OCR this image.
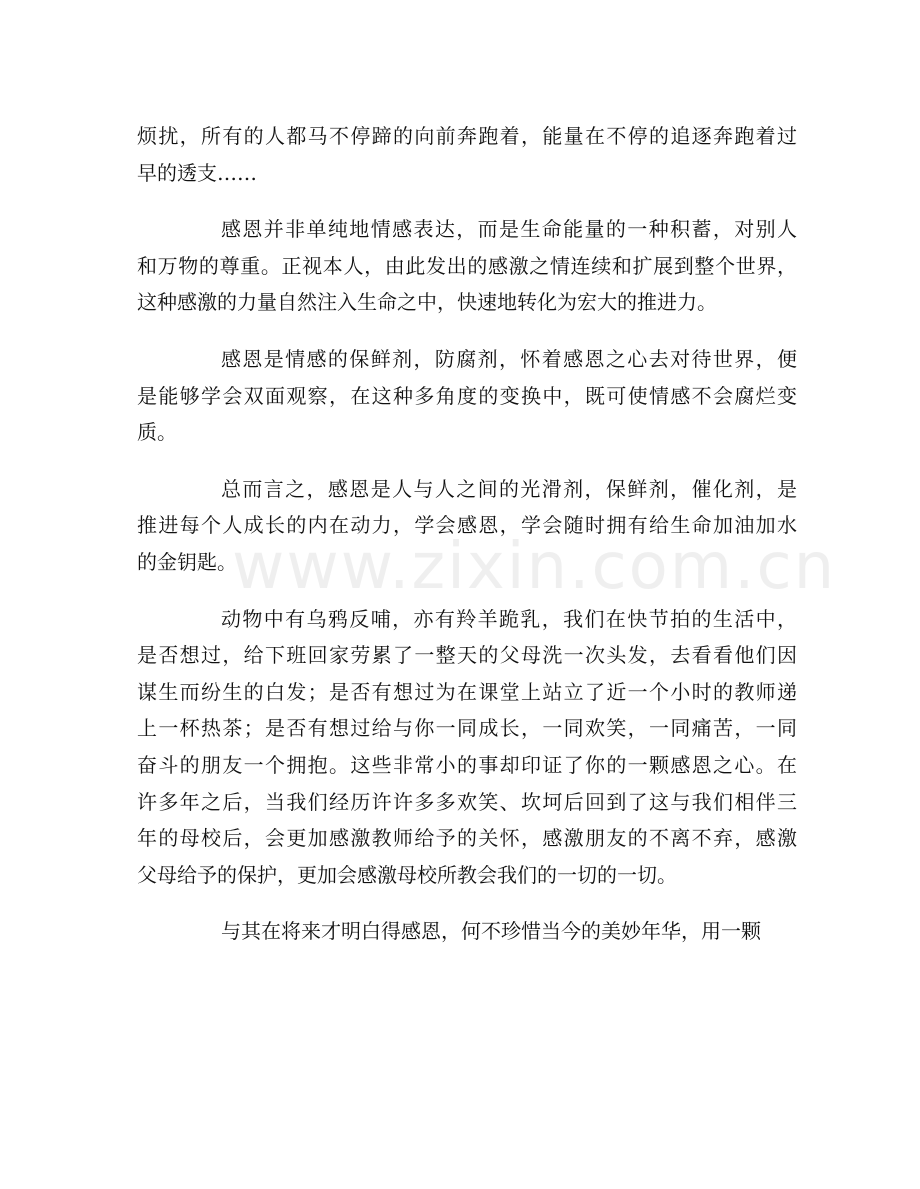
www.zixin.com.cn
烦扰，所有的人都马不停蹄的向前奔跑着，能量在不停的追逐奔跑着过
早的透支……
感恩并非单纯地情感表达，而是生命能量的一种积蓄，对别人
和万物的尊重。正视本人，由此发出的感激之情连续和扩展到整个世界，
这种感激的力量自然注入生命之中，快速地转化为宏大的推进力。
感恩是情感的保鲜剂，防腐剂，怀着感恩之心去对待世界，便
是能够学会双面观察，在这种多角度的变换中，既可使情感不会腐烂变
质。
总而言之，感恩是人与人之间的光滑剂，保鲜剂，催化剂，是
推进每个人成长的内在动力，学会感恩，学会随时拥有给生命加油加水
的金钥匙。
动物中有乌鸦反哺，亦有羚羊跪乳，我们在快节拍的生活中，
是否想过，给下班回家劳累了一整天的父母洗一次头发，去看看他们因
谋生而纷生的白发；是否有想过为在课堂上站立了近一个小时的教师递
上一杯热茶；是否有想过给与你一同成长，一同欢笑，一同痛苦，一同
奋斗的朋友一个拥抱。这些非常小的事却印证了你的一颗感恩之心。在
许多年之后，当我们经历许许多多欢笑、坎坷后回到了这与我们相伴三
年的母校后，会更加感激教师给予的关怀，感激朋友的不离不弃，感激
父母给予的保护，更加会感激母校所教会我们的一切的一切。
与其在将来才明白得感恩，何不珍惜当今的美妙年华，用一颗
